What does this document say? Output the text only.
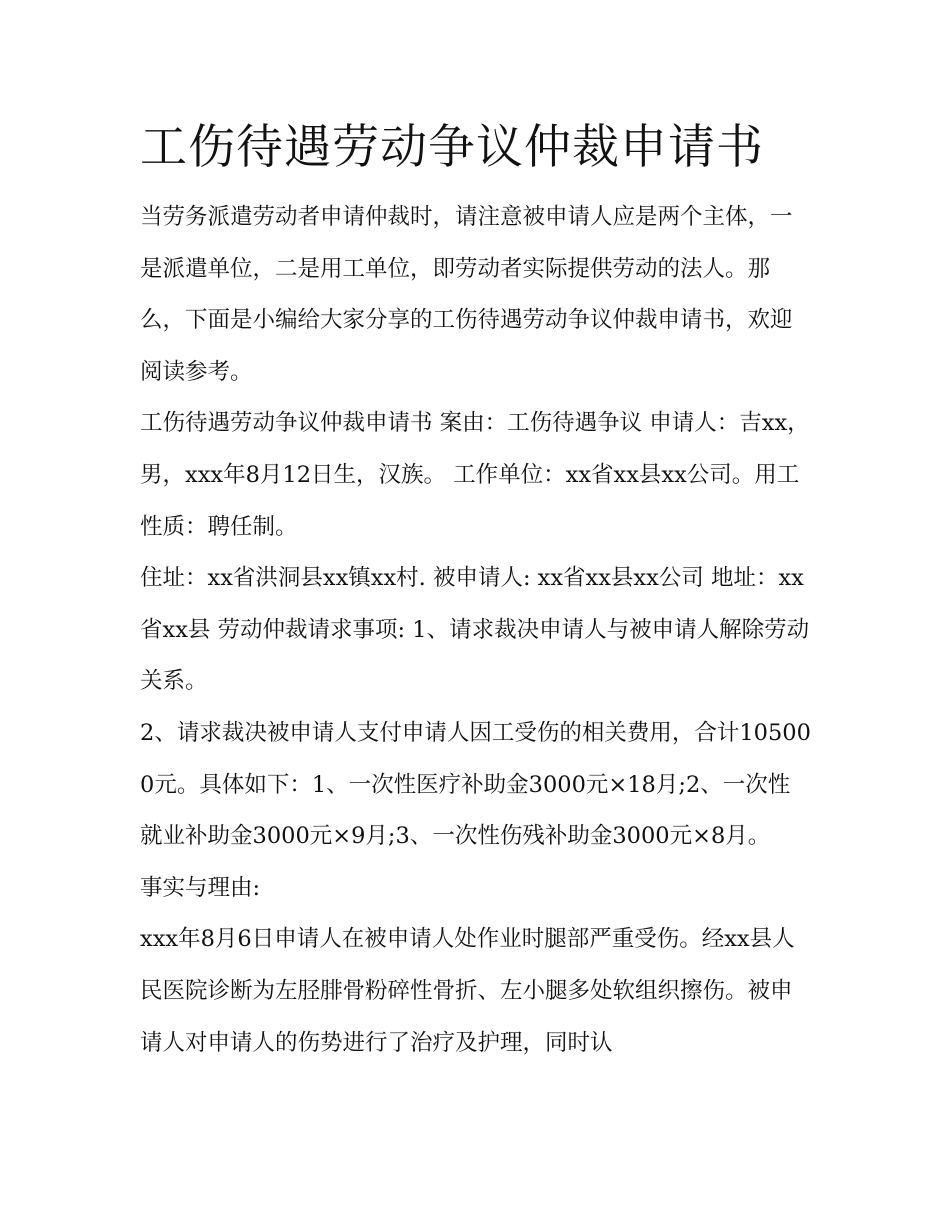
工伤待遇劳动争议仲裁申请书

当劳务派遣劳动者申请仲裁时，请注意被申请人应是两个主体，一是派遣单位，二是用工单位，即劳动者实际提供劳动的法人。那么，下面是小编给大家分享的工伤待遇劳动争议仲裁申请书，欢迎阅读参考。

工伤待遇劳动争议仲裁申请书 案由：工伤待遇争议 申请人：吉xx，男，xxx年8月12日生，汉族。 工作单位：xx省xx县xx公司。用工性质：聘任制。

住址：xx省洪洞县xx镇xx村. 被申请人: xx省xx县xx公司 地址：xx省xx县 劳动仲裁请求事项: 1、请求裁决申请人与被申请人解除劳动关系。

2、请求裁决被申请人支付申请人因工受伤的相关费用，合计105000元。具体如下：1、一次性医疗补助金3000元×18月;2、一次性就业补助金3000元×9月;3、一次性伤残补助金3000元×8月。

事实与理由:

xxx年8月6日申请人在被申请人处作业时腿部严重受伤。经xx县人民医院诊断为左胫腓骨粉碎性骨折、左小腿多处软组织擦伤。被申请人对申请人的伤势进行了治疗及护理，同时认
